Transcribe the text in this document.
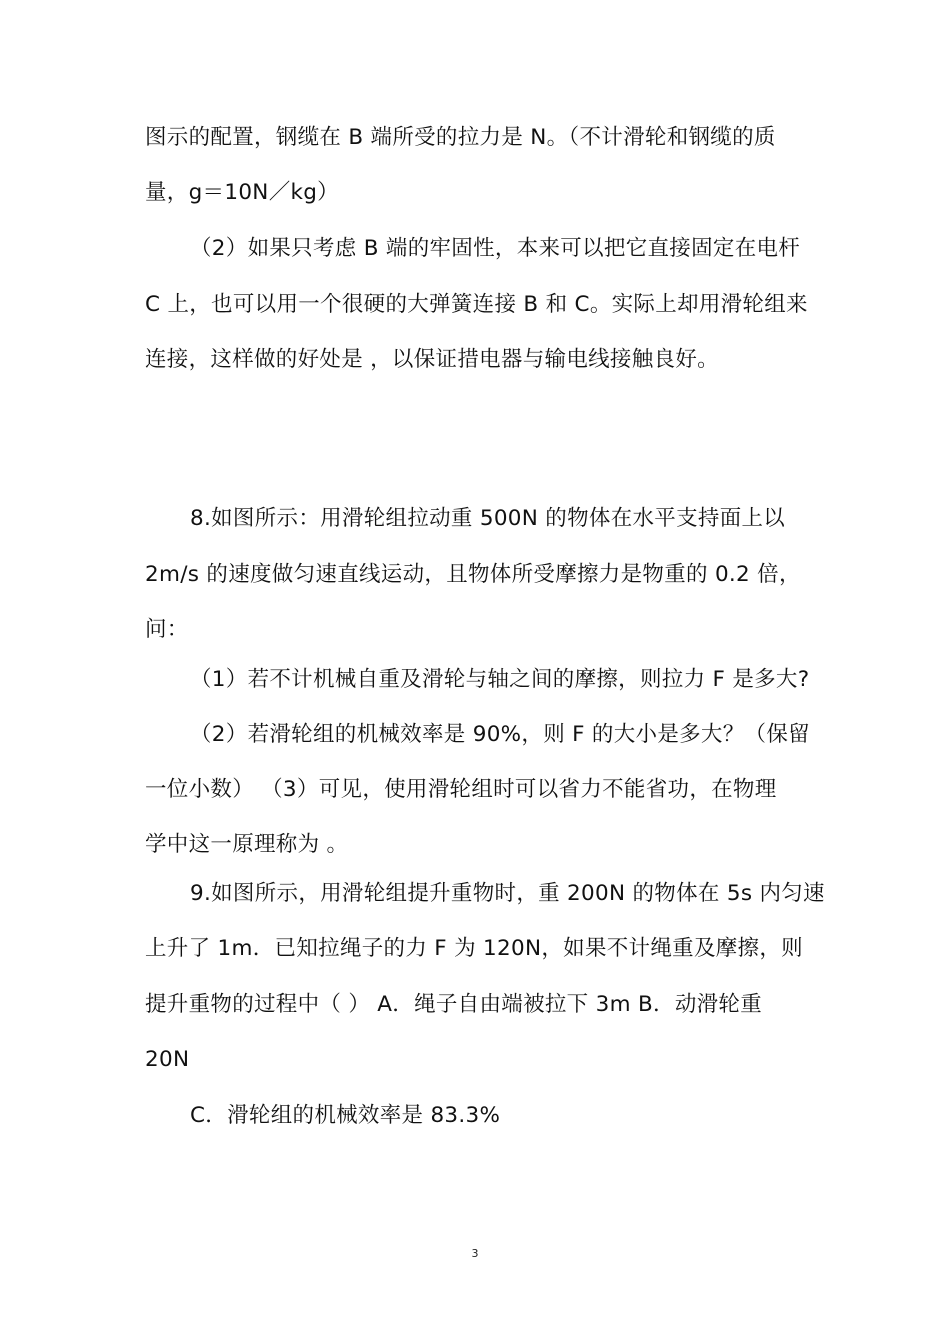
图示的配置，钢缆在 B 端所受的拉力是 N。（不计滑轮和钢缆的质
量，g＝10N／kg）
（2）如果只考虑 B 端的牢固性，本来可以把它直接固定在电杆
C 上，也可以用一个很硬的大弹簧连接 B 和 C。实际上却用滑轮组来
连接，这样做的好处是 ，以保证措电器与输电线接触良好。
8.如图所示：用滑轮组拉动重 500N 的物体在水平支持面上以
2m/s 的速度做匀速直线运动，且物体所受摩擦力是物重的 0.2 倍，
问：
（1）若不计机械自重及滑轮与轴之间的摩擦，则拉力 F 是多大?
（2）若滑轮组的机械效率是 90%，则 F 的大小是多大？（保留
一位小数） （3）可见，使用滑轮组时可以省力不能省功，在物理
学中这一原理称为 。
9.如图所示，用滑轮组提升重物时，重 200N 的物体在 5s 内匀速
上升了 1m．已知拉绳子的力 F 为 120N，如果不计绳重及摩擦，则
提升重物的过程中（ ） A．绳子自由端被拉下 3m B．动滑轮重
20N
C．滑轮组的机械效率是 83.3%
3
